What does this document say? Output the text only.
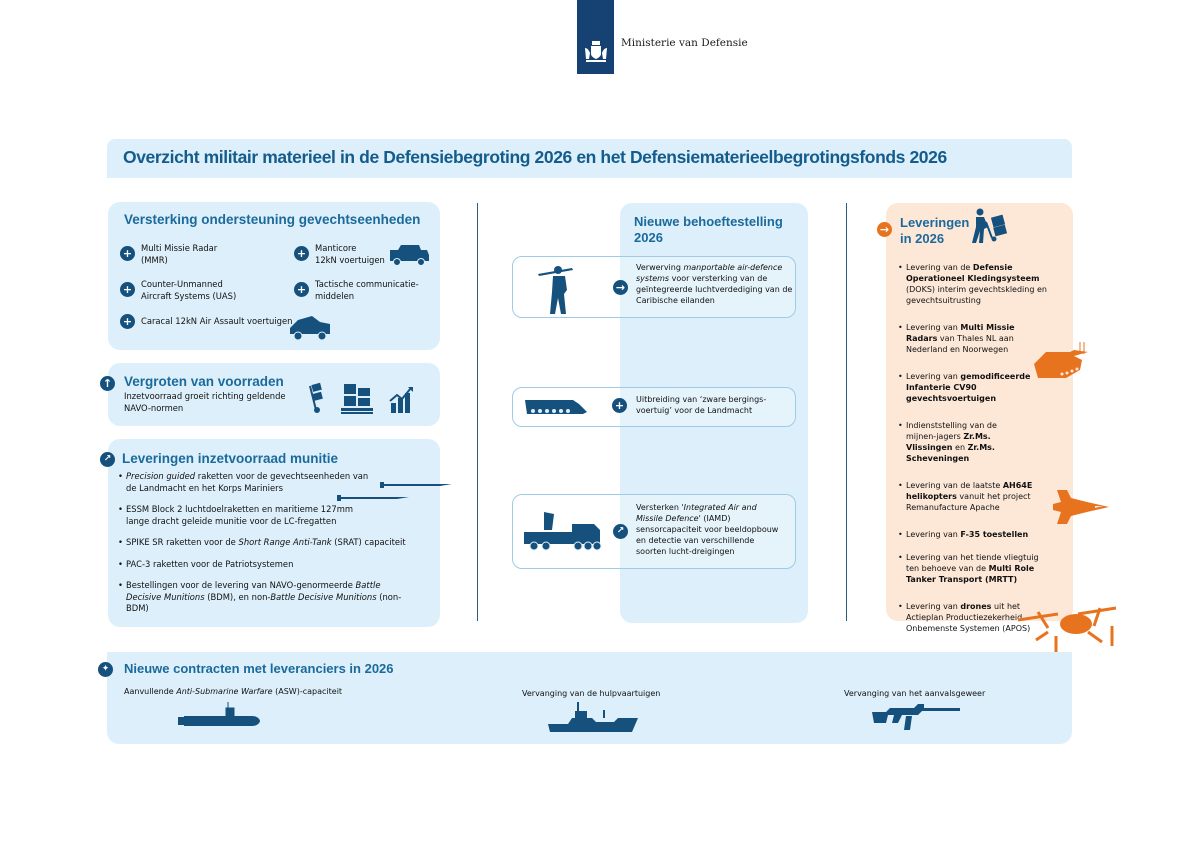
Ministerie van Defensie
Overzicht militair materieel in de Defensiebegroting 2026 en het Defensiematerieelbegrotingsfonds 2026
Versterking ondersteuning gevechtseenheden
+	Multi Missie Radar
(MMR)	+	Manticore
12kN voertuigen
+	Counter-Unmanned
Aircraft Systems (UAS)	+	Tactische communicatie-
middelen
+	Caracal 12kN Air Assault voertuigen
↑ Vergroten van voorraden
Inzetvoorraad groeit richting geldende
NAVO-normen
↗ Leveringen inzetvoorraad munitie
• Precision guided raketten voor de gevechtseenheden van de Landmacht en het Korps Mariniers
• ESSM Block 2 luchtdoelraketten en maritieme 127mm lange dracht geleide munitie voor de LC-fregatten
• SPIKE SR raketten voor de Short Range Anti-Tank (SRAT) capaciteit
• PAC-3 raketten voor de Patriotsystemen
• Bestellingen voor de levering van NAVO-genormeerde Battle Decisive Munitions (BDM), en non-Battle Decisive Munitions (non-BDM)
Nieuwe behoeftestelling
2026
→
Verwerving manportable air-defence systems voor versterking van de geïntegreerde luchtverdediging van de Caribische eilanden
+	Uitbreiding van ‘zware bergings-voertuig’ voor de Landmacht
↗
Versterken 'Integrated Air and Missile Defence' (IAMD) sensorcapaciteit voor beeldopbouw en detectie van verschillende soorten lucht-dreigingen
→ Leveringen
in 2026
• Levering van de Defensie Operationeel Kledingsysteem (DOKS) interim gevechtskleding en gevechtsuitrusting
• Levering van Multi Missie Radars van Thales NL aan Nederland en Noorwegen
• Levering van gemodificeerde Infanterie CV90 gevechtsvoertuigen
• Indienststelling van de mijnen-jagers Zr.Ms. Vlissingen en Zr.Ms. Scheveningen
• Levering van de laatste AH64E helikopters vanuit het project Remanufacture Apache
• Levering van F-35 toestellen
• Levering van het tiende vliegtuig ten behoeve van de Multi Role Tanker Transport (MRTT)
• Levering van drones uit het Actieplan Productiezekerheid Onbemenste Systemen (APOS)
✦ Nieuwe contracten met leveranciers in 2026
Aanvullende Anti-Submarine Warfare (ASW)-capaciteit	Vervanging van de hulpvaartuigen	Vervanging van het aanvalsgeweer
